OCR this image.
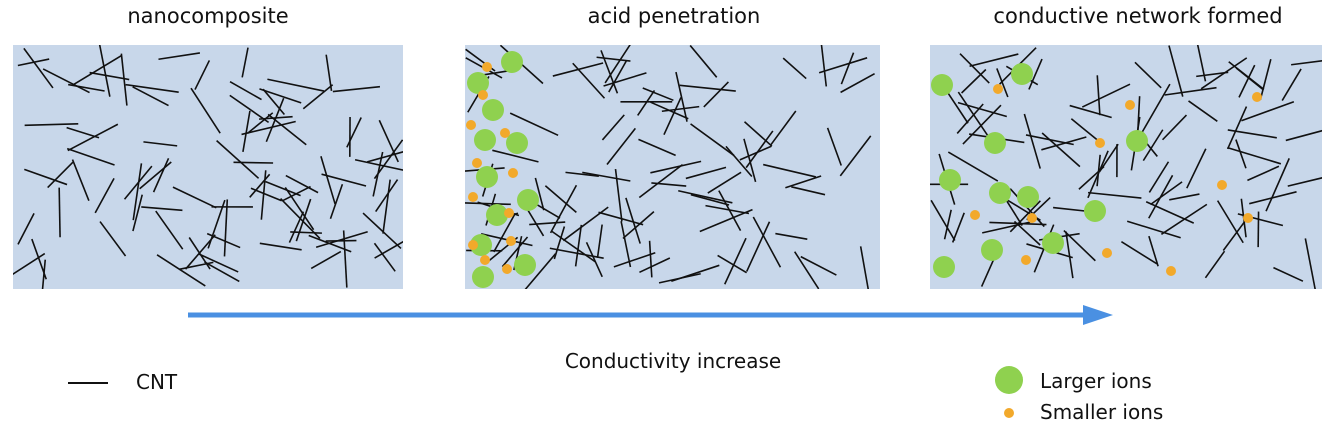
nanocomposite	acid penetration	conductive network formed
Conductivity increase
CNT	Larger ions
Smaller ions
